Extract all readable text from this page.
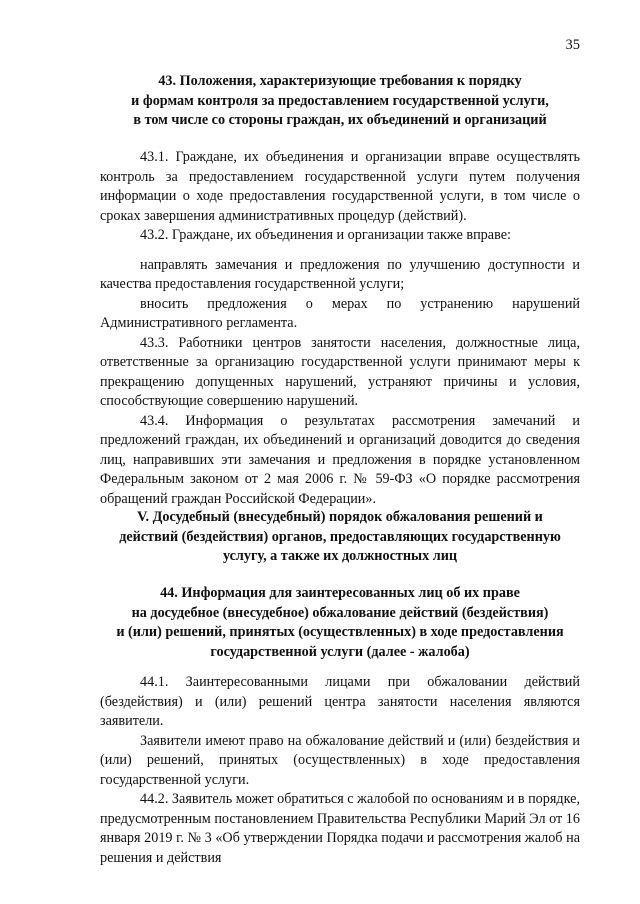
35
43. Положения, характеризующие требования к порядку
и формам контроля за предоставлением государственной услуги,
в том числе со стороны граждан, их объединений и организаций

43.1. Граждане, их объединения и организации вправе осуществлять контроль за предоставлением государственной услуги путем получения информации о ходе предоставления государственной услуги, в том числе о сроках завершения административных процедур (действий).

43.2. Граждане, их объединения и организации также вправе:

направлять замечания и предложения по улучшению доступности и качества предоставления государственной услуги;

вносить предложения о мерах по устранению нарушений Административного регламента.

43.3. Работники центров занятости населения, должностные лица, ответственные за организацию государственной услуги принимают меры к прекращению допущенных нарушений, устраняют причины и условия, способствующие совершению нарушений.

43.4. Информация о результатах рассмотрения замечаний и предложений граждан, их объединений и организаций доводится до сведения лиц, направивших эти замечания и предложения в порядке установленном Федеральным законом от 2 мая 2006 г. № 59-ФЗ «О порядке рассмотрения обращений граждан Российской Федерации».

V. Досудебный (внесудебный) порядок обжалования решений и
действий (бездействия) органов, предоставляющих государственную
услугу, а также их должностных лиц
44. Информация для заинтересованных лиц об их праве
на досудебное (внесудебное) обжалование действий (бездействия)
и (или) решений, принятых (осуществленных) в ходе предоставления
государственной услуги (далее - жалоба)

44.1. Заинтересованными лицами при обжаловании действий (бездействия) и (или) решений центра занятости населения являются заявители.

Заявители имеют право на обжалование действий и (или) бездействия и (или) решений, принятых (осуществленных) в ходе предоставления государственной услуги.

44.2. Заявитель может обратиться с жалобой по основаниям и в порядке, предусмотренным постановлением Правительства Республики Марий Эл от 16 января 2019 г. № 3 «Об утверждении Порядка подачи и рассмотрения жалоб на решения и действия
